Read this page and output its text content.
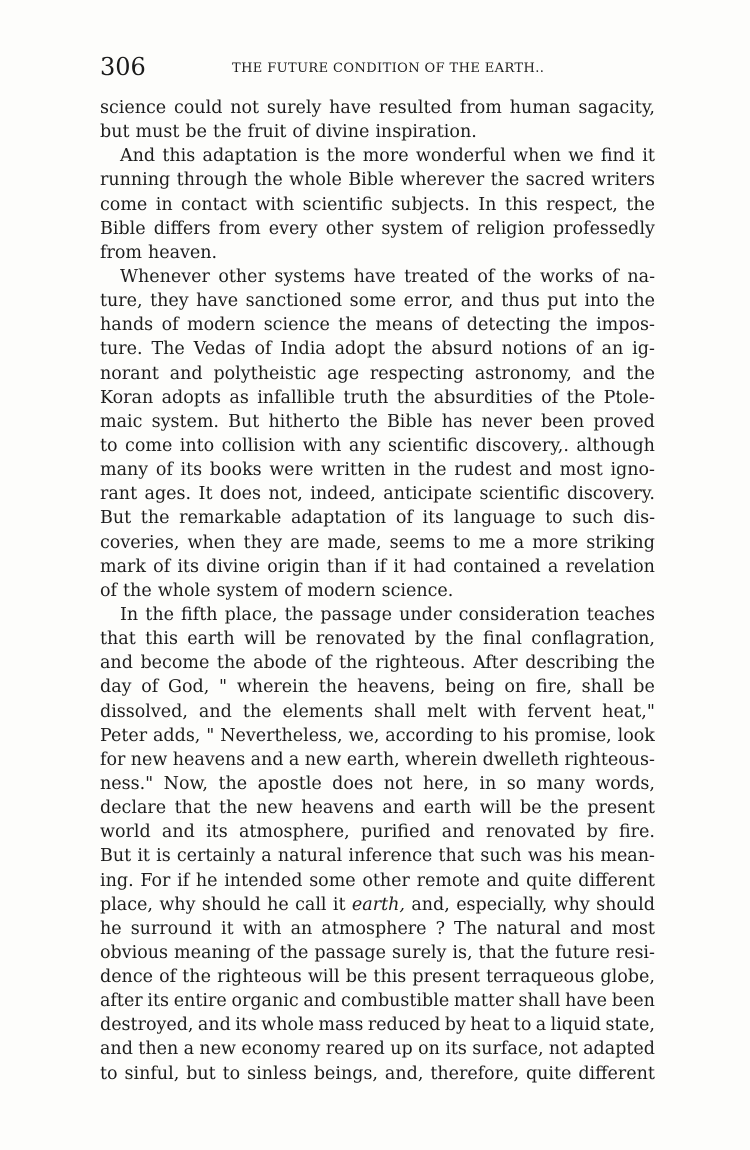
306	THE FUTURE CONDITION OF THE EARTH..
science could not surely have resulted from human sagacity,
but must be the fruit of divine inspiration.
And this adaptation is the more wonderful when we find it
running through the whole Bible wherever the sacred writers
come in contact with scientific subjects. In this respect, the
Bible differs from every other system of religion professedly
from heaven.
Whenever other systems have treated of the works of na-
ture, they have sanctioned some error, and thus put into the
hands of modern science the means of detecting the impos-
ture. The Vedas of India adopt the absurd notions of an ig-
norant and polytheistic age respecting astronomy, and the
Koran adopts as infallible truth the absurdities of the Ptole-
maic system. But hitherto the Bible has never been proved
to come into collision with any scientific discovery,. although
many of its books were written in the rudest and most igno-
rant ages. It does not, indeed, anticipate scientific discovery.
But the remarkable adaptation of its language to such dis-
coveries, when they are made, seems to me a more striking
mark of its divine origin than if it had contained a revelation
of the whole system of modern science.
In the fifth place, the passage under consideration teaches
that this earth will be renovated by the final conflagration,
and become the abode of the righteous. After describing the
day of God, " wherein the heavens, being on fire, shall be
dissolved, and the elements shall melt with fervent heat,"
Peter adds, " Nevertheless, we, according to his promise, look
for new heavens and a new earth, wherein dwelleth righteous-
ness." Now, the apostle does not here, in so many words,
declare that the new heavens and earth will be the present
world and its atmosphere, purified and renovated by fire.
But it is certainly a natural inference that such was his mean-
ing. For if he intended some other remote and quite different
place, why should he call it earth, and, especially, why should
he surround it with an atmosphere ? The natural and most
obvious meaning of the passage surely is, that the future resi-
dence of the righteous will be this present terraqueous globe,
after its entire organic and combustible matter shall have been
destroyed, and its whole mass reduced by heat to a liquid state,
and then a new economy reared up on its surface, not adapted
to sinful, but to sinless beings, and, therefore, quite different
